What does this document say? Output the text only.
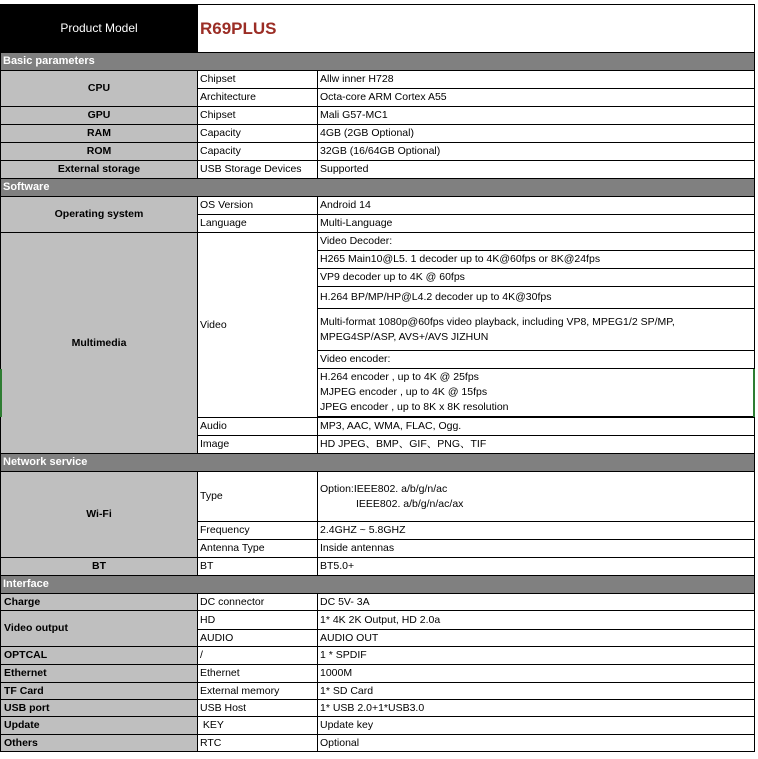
Product Model	R69PLUS	
Basic parameters		
CPU	Chipset	Allw inner H728
	Architecture	Octa-core ARM Cortex A55
GPU	Chipset	Mali G57-MC1
RAM	Capacity	4GB (2GB Optional)
ROM	Capacity	32GB (16/64GB Optional)
External storage	USB Storage Devices	Supported
Software		
Operating system	OS Version	Android 14
	Language	Multi-Language
Multimedia	Video	Video Decoder:
		H265 Main10@L5. 1 decoder up to 4K@60fps or 8K@24fps
		VP9 decoder up to 4K @ 60fps
		H.264 BP/MP/HP@L4.2 decoder up to 4K@30fps
		Multi-format 1080p@60fps video playback, including VP8, MPEG1/2 SP/MP,
MPEG4SP/ASP, AVS+/AVS JIZHUN
		Video encoder:
		H.264 encoder , up to 4K @ 25fps
MJPEG encoder , up to 4K @ 15fps
JPEG encoder , up to 8K x 8K resolution

	Audio	MP3, AAC, WMA, FLAC, Ogg.
	Image	HD JPEG、BMP、GIF、PNG、TIF
Network service		
Wi-Fi	Type	Option:IEEE802. a/b/g/n/ac
IEEE802. a/b/g/n/ac/ax
	Frequency	2.4GHZ ~ 5.8GHZ
	Antenna Type	Inside antennas
BT	BT	BT5.0+
Interface		
Charge	DC connector	DC 5V- 3A
Video output	HD	1* 4K 2K Output, HD 2.0a
	AUDIO	AUDIO OUT
OPTCAL	/	1 * SPDIF
Ethernet	Ethernet	1000M
TF Card	External memory	1* SD Card
USB port	USB Host	1* USB 2.0+1*USB3.0
Update	KEY	Update key
Others	RTC	Optional
